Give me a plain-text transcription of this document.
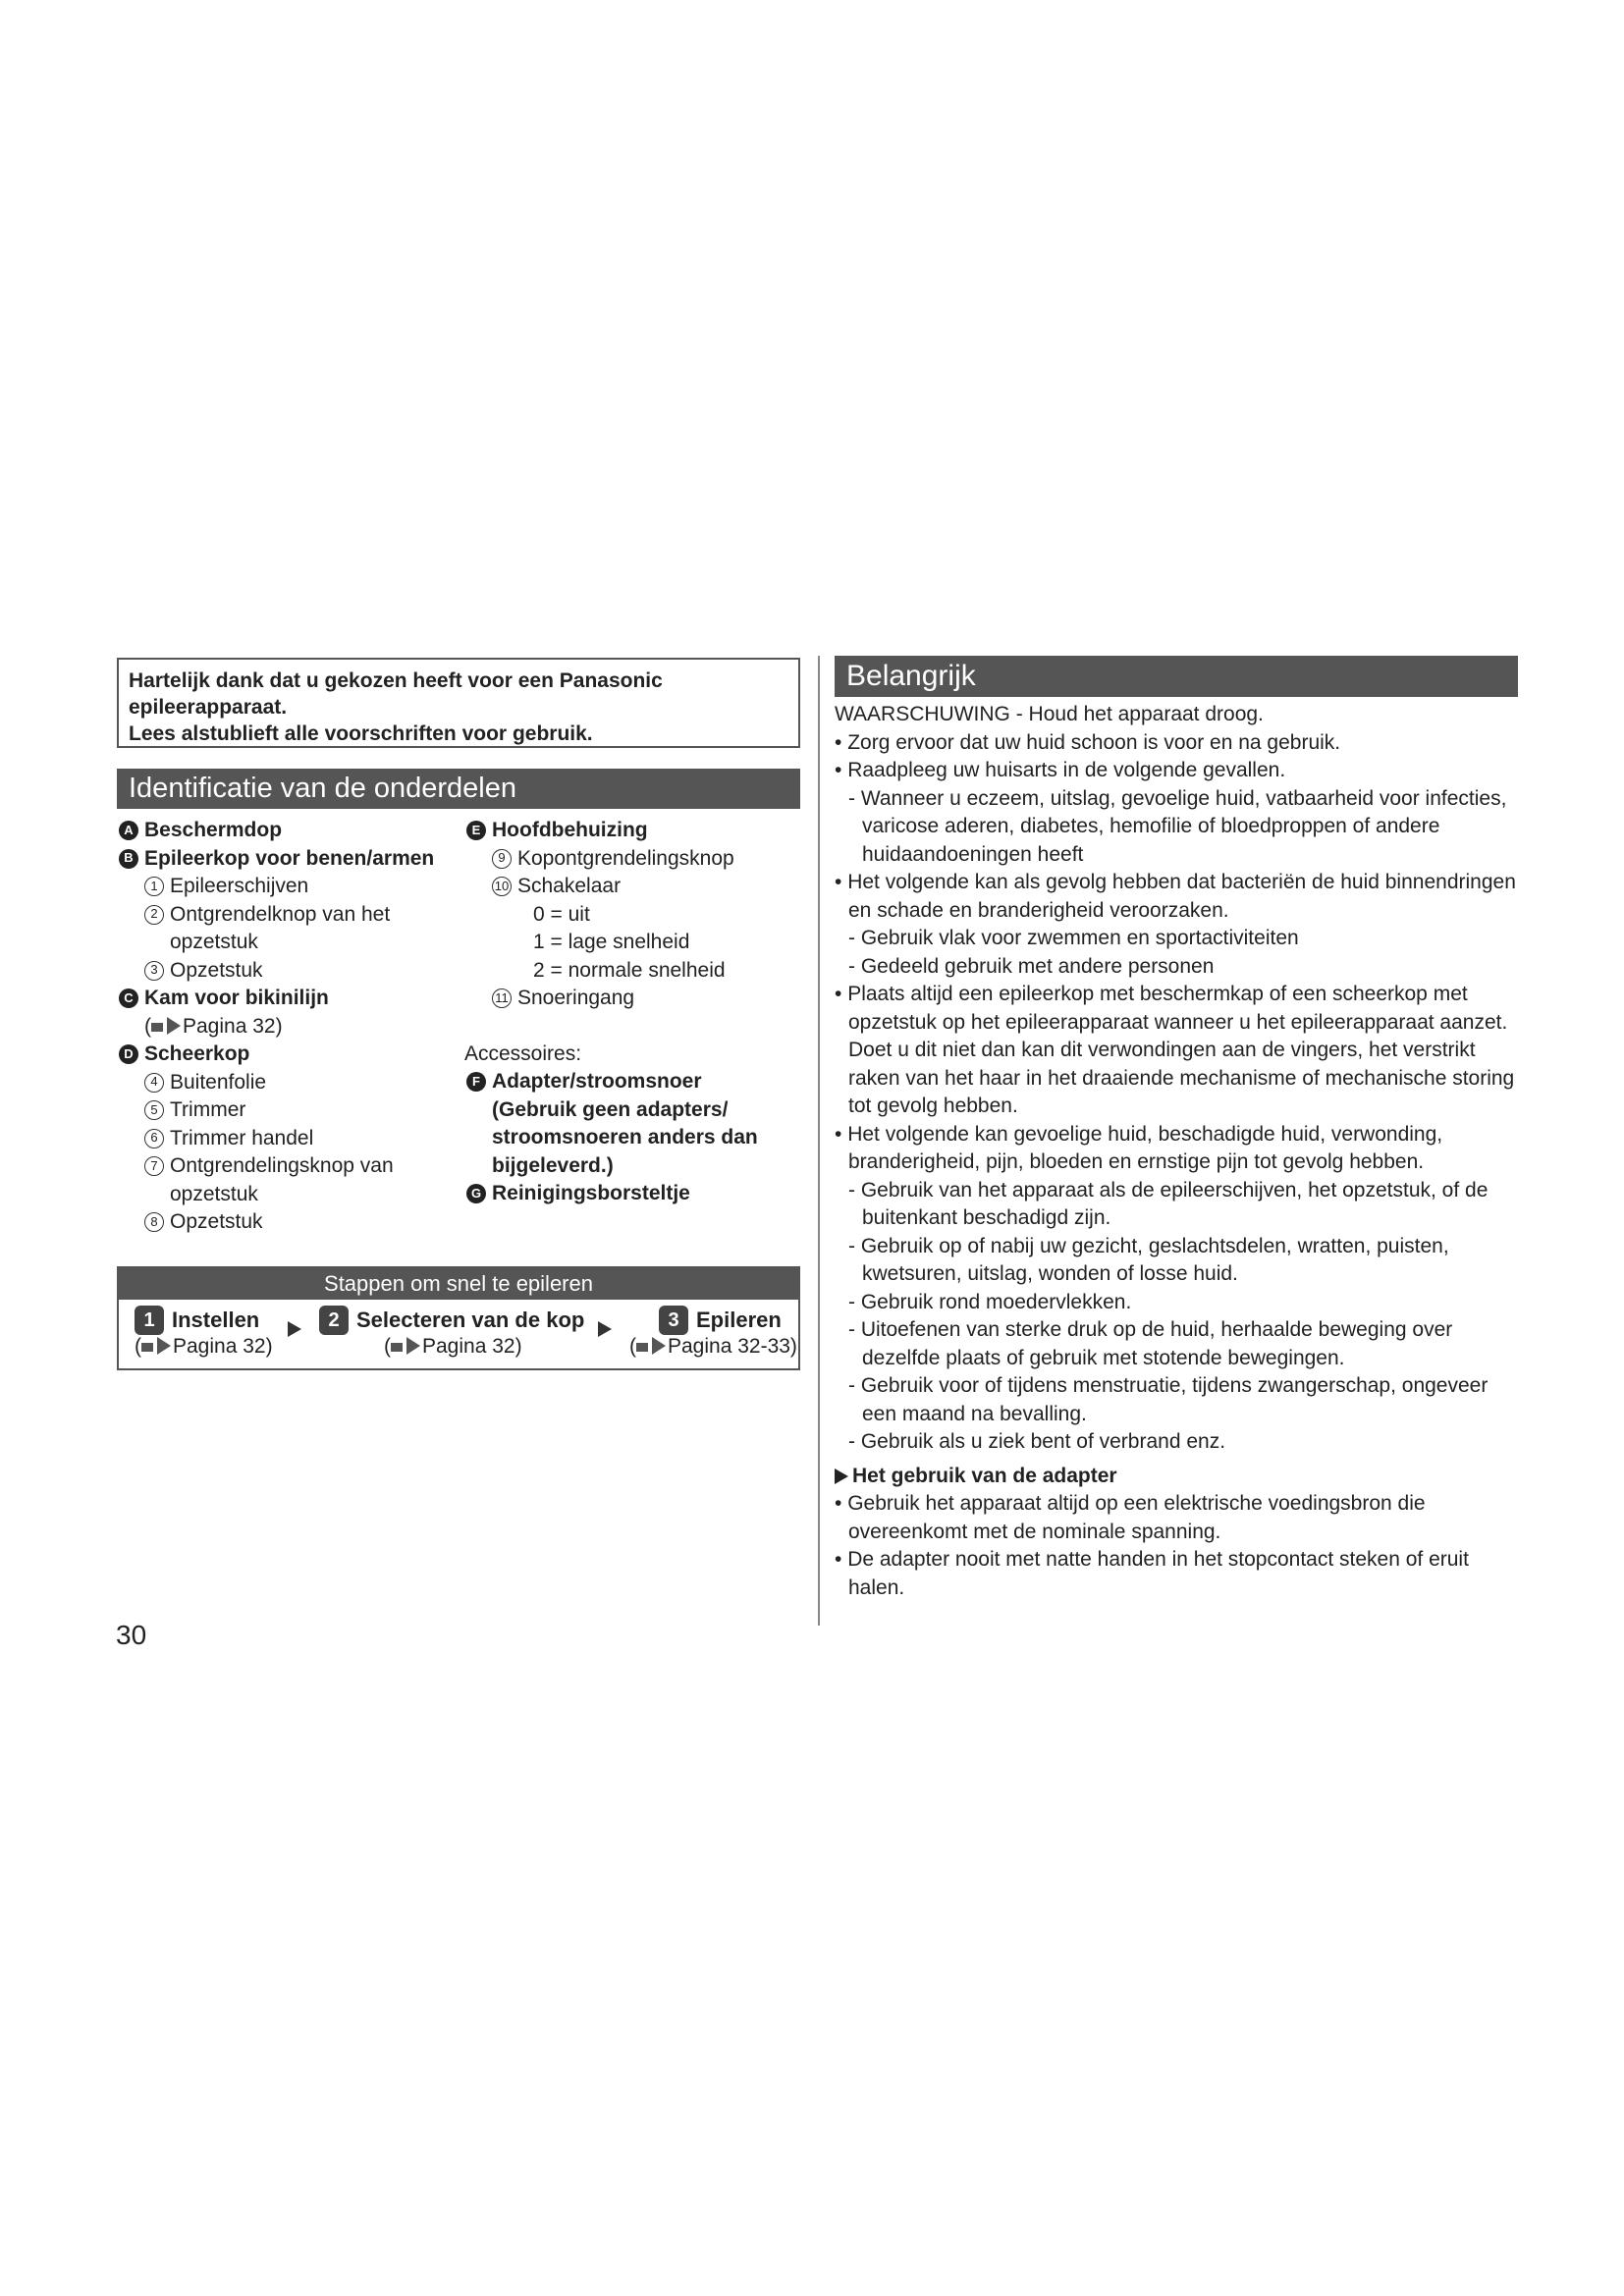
Hartelijk dank dat u gekozen heeft voor een Panasonic

epileerapparaat.

Lees alstublieft alle voorschriften voor gebruik.

Identificatie van de onderdelen
A Beschermdop
B Epileerkop voor benen/armen
1 Epileerschijven
2 Ontgrendelknop van het
opzetstuk
3 Opzetstuk
C Kam voor bikinilijn
( Pagina 32)
D Scheerkop
4 Buitenfolie
5 Trimmer
6 Trimmer handel
7 Ontgrendelingsknop van
opzetstuk
8 Opzetstuk
E Hoofdbehuizing
9 Kopontgrendelingsknop
10 Schakelaar
0 = uit
1 = lage snelheid
2 = normale snelheid
11 Snoeringang
Accessoires:
F Adapter/stroomsnoer
(Gebruik geen adapters/
stroomsnoeren anders dan
bijgeleverd.)
G Reinigingsborsteltje
Stappen om snel te epileren
1 Instellen
( Pagina 32)
2 Selecteren van de kop
( Pagina 32)
3 Epileren
( Pagina 32-33)
30
Belangrijk

WAARSCHUWING - Houd het apparaat droog.

• Zorg ervoor dat uw huid schoon is voor en na gebruik.

• Raadpleeg uw huisarts in de volgende gevallen.

- Wanneer u eczeem, uitslag, gevoelige huid, vatbaarheid voor infecties, varicose aderen, diabetes, hemofilie of bloedproppen of andere huidaandoeningen heeft

• Het volgende kan als gevolg hebben dat bacteriën de huid binnendringen en schade en branderigheid veroorzaken.

- Gebruik vlak voor zwemmen en sportactiviteiten

- Gedeeld gebruik met andere personen

• Plaats altijd een epileerkop met beschermkap of een scheerkop met opzetstuk op het epileerapparaat wanneer u het epileerapparaat aanzet. Doet u dit niet dan kan dit verwondingen aan de vingers, het verstrikt raken van het haar in het draaiende mechanisme of mechanische storing tot gevolg hebben.

• Het volgende kan gevoelige huid, beschadigde huid, verwonding, branderigheid, pijn, bloeden en ernstige pijn tot gevolg hebben.

- Gebruik van het apparaat als de epileerschijven, het opzetstuk, of de buitenkant beschadigd zijn.

- Gebruik op of nabij uw gezicht, geslachtsdelen, wratten, puisten, kwetsuren, uitslag, wonden of losse huid.

- Gebruik rond moedervlekken.

- Uitoefenen van sterke druk op de huid, herhaalde beweging over dezelfde plaats of gebruik met stotende bewegingen.

- Gebruik voor of tijdens menstruatie, tijdens zwangerschap, ongeveer een maand na bevalling.

- Gebruik als u ziek bent of verbrand enz.

Het gebruik van de adapter

• Gebruik het apparaat altijd op een elektrische voedingsbron die overeenkomt met de nominale spanning.

• De adapter nooit met natte handen in het stopcontact steken of eruit halen.
